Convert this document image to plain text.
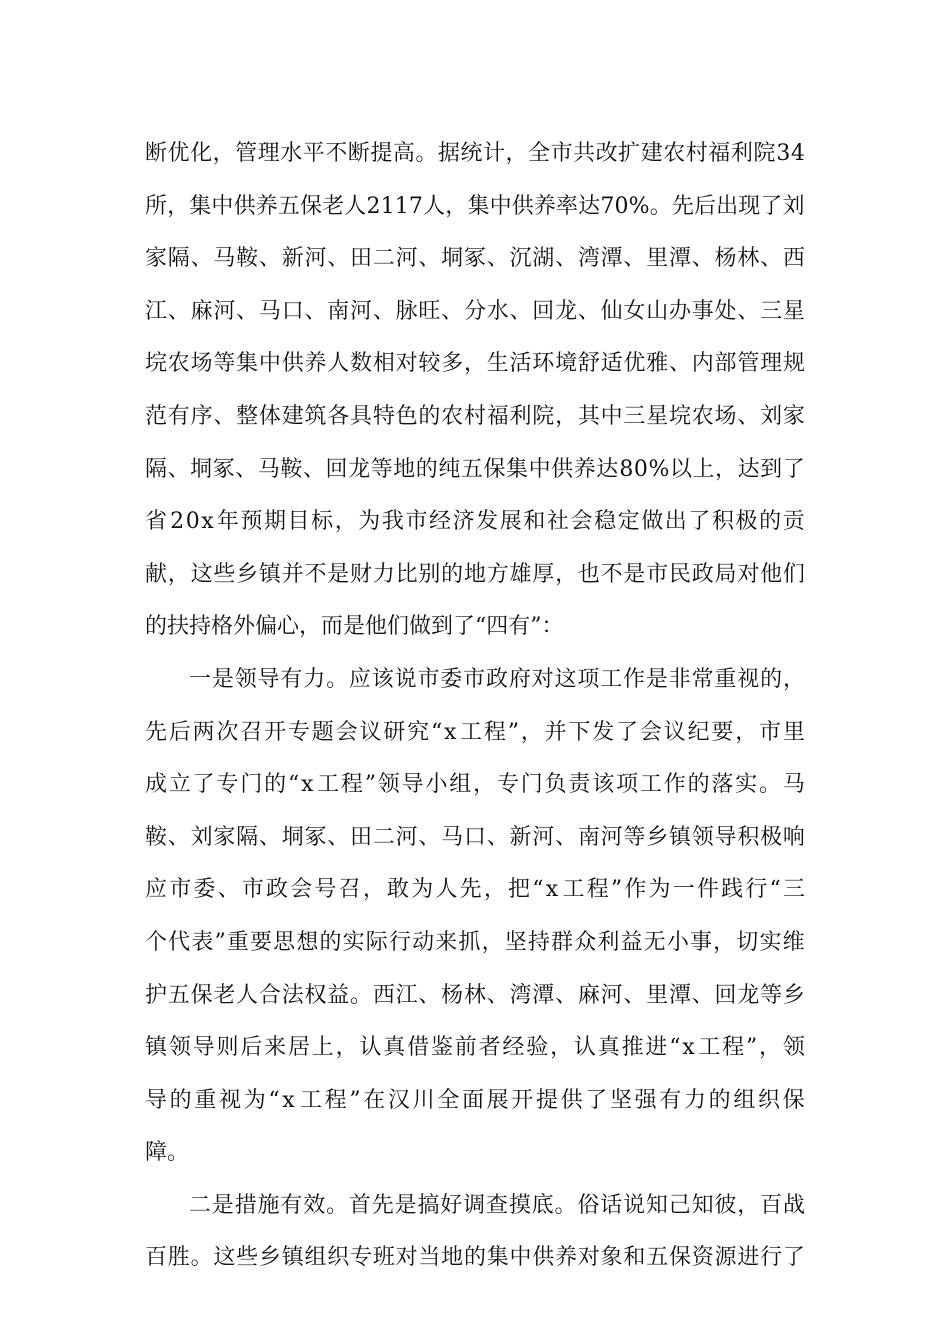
断 优 化 ， 管 理 水 平 不 断 提 高 。 据 统 计 ， 全 市 共 改 扩 建 农 村 福 利 院 3 4
所 ， 集 中 供 养 五 保 老 人 2 1 1 7 人 ， 集 中 供 养 率 达 7 0 % 。 先 后 出 现 了 刘
家 隔 、 马 鞍 、 新 河 、 田 二 河 、 垌 冢 、 沉 湖 、 湾 潭 、 里 潭 、 杨 林 、 西
江 、 麻 河 、 马 口 、 南 河 、 脉 旺 、 分 水 、 回 龙 、 仙 女 山 办 事 处 、 三 星
垸 农 场 等 集 中 供 养 人 数 相 对 较 多 ， 生 活 环 境 舒 适 优 雅 、 内 部 管 理 规
范 有 序 、 整 体 建 筑 各 具 特 色 的 农 村 福 利 院 ， 其 中 三 星 垸 农 场 、 刘 家
隔 、 垌 冢 、 马 鞍 、 回 龙 等 地 的 纯 五 保 集 中 供 养 达 8 0 % 以 上 ， 达 到 了
省 2 0 x 年 预 期 目 标 ， 为 我 市 经 济 发 展 和 社 会 稳 定 做 出 了 积 极 的 贡
献 ， 这 些 乡 镇 并 不 是 财 力 比 别 的 地 方 雄 厚 ， 也 不 是 市 民 政 局 对 他 们
的扶持格外偏心，而是他们做到了“四有”：
一 是 领 导 有 力 。 应 该 说 市 委 市 政 府 对 这 项 工 作 是 非 常 重 视 的 ，
先 后 两 次 召 开 专 题 会 议 研 究 “ x 工 程 ” ， 并 下 发 了 会 议 纪 要 ， 市 里
成 立 了 专 门 的 “ x 工 程 ” 领 导 小 组 ， 专 门 负 责 该 项 工 作 的 落 实 。 马
鞍 、 刘 家 隔 、 垌 冢 、 田 二 河 、 马 口 、 新 河 、 南 河 等 乡 镇 领 导 积 极 响
应 市 委 、 市 政 会 号 召 ， 敢 为 人 先 ， 把 “ x 工 程 ” 作 为 一 件 践 行 “ 三
个 代 表 ” 重 要 思 想 的 实 际 行 动 来 抓 ， 坚 持 群 众 利 益 无 小 事 ， 切 实 维
护 五 保 老 人 合 法 权 益 。 西 江 、 杨 林 、 湾 潭 、 麻 河 、 里 潭 、 回 龙 等 乡
镇 领 导 则 后 来 居 上 ， 认 真 借 鉴 前 者 经 验 ， 认 真 推 进 “ x 工 程 ” ， 领
导 的 重 视 为 “ x 工 程 ” 在 汉 川 全 面 展 开 提 供 了 坚 强 有 力 的 组 织 保
障。
二 是 措 施 有 效 。 首 先 是 搞 好 调 查 摸 底 。 俗 话 说 知 己 知 彼 ， 百 战
百 胜 。 这 些 乡 镇 组 织 专 班 对 当 地 的 集 中 供 养 对 象 和 五 保 资 源 进 行 了
